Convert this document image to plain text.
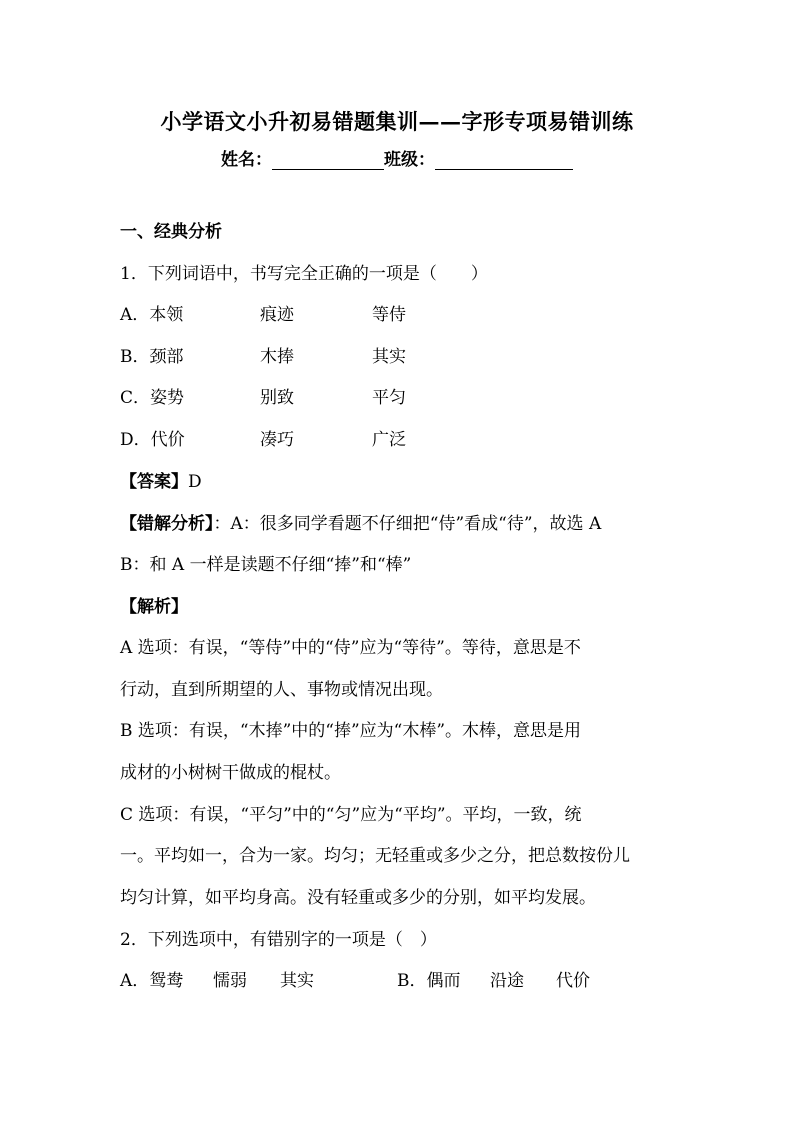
小学语文小升初易错题集训——字形专项易错训练
姓名：	班级：
一、经典分析
1．下列词语中，书写完全正确的一项是（　　）
A．本领	痕迹	等侍
B．颈部	木捧	其实
C．姿势	别致	平匀
D．代价	凑巧	广泛
【答案】D
【错解分析】：A：很多同学看题不仔细把“侍”看成“待”，故选 A
B：和 A 一样是读题不仔细“捧”和“棒”
【解析】
A 选项：有误，“等侍”中的“侍”应为“等待”。等待，意思是不
行动，直到所期望的人、事物或情况出现。
B 选项：有误，“木捧”中的“捧”应为“木棒”。木棒，意思是用
成材的小树树干做成的棍杖。
C 选项：有误，“平匀”中的“匀”应为“平均”。平均，一致，统
一。平均如一，合为一家。均匀；无轻重或多少之分，把总数按份儿
均匀计算，如平均身高。没有轻重或多少的分别，如平均发展。
2．下列选项中，有错别字的一项是（　）
A．鸳鸯 懦弱 其实	B．偶而 沿途 代价
